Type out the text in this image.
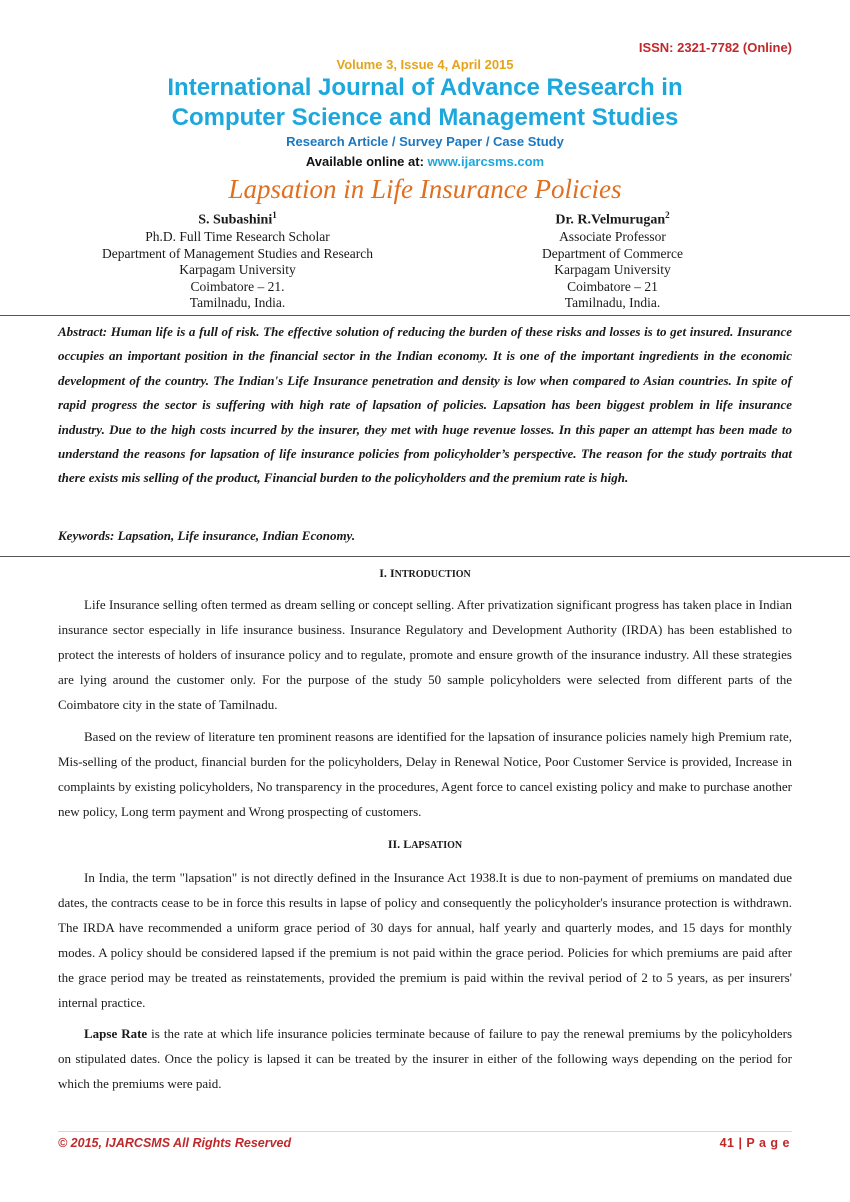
ISSN: 2321-7782 (Online)
Volume 3, Issue 4, April 2015
International Journal of Advance Research in
Computer Science and Management Studies
Research Article / Survey Paper / Case Study
Available online at: www.ijarcsms.com
Lapsation in Life Insurance Policies
S. Subashini$^1$
Ph.D. Full Time Research Scholar
Department of Management Studies and Research
Karpagam University
Coimbatore – 21.
Tamilnadu, India.
Dr. R.Velmurugan$^2$
Associate Professor
Department of Commerce
Karpagam University
Coimbatore – 21
Tamilnadu, India.
Abstract: Human life is a full of risk. The effective solution of reducing the burden of these risks and losses is to get insured. Insurance occupies an important position in the financial sector in the Indian economy. It is one of the important ingredients in the economic development of the country. The Indian's Life Insurance penetration and density is low when compared to Asian countries. In spite of rapid progress the sector is suffering with high rate of lapsation of policies. Lapsation has been biggest problem in life insurance industry. Due to the high costs incurred by the insurer, they met with huge revenue losses. In this paper an attempt has been made to understand the reasons for lapsation of life insurance policies from policyholder’s perspective. The reason for the study portraits that there exists mis selling of the product, Financial burden to the policyholders and the premium rate is high.
Keywords: Lapsation, Life insurance, Indian Economy.
I. INTRODUCTION

Life Insurance selling often termed as dream selling or concept selling. After privatization significant progress has taken place in Indian insurance sector especially in life insurance business. Insurance Regulatory and Development Authority (IRDA) has been established to protect the interests of holders of insurance policy and to regulate, promote and ensure growth of the insurance industry. All these strategies are lying around the customer only. For the purpose of the study 50 sample policyholders were selected from different parts of the Coimbatore city in the state of Tamilnadu.

Based on the review of literature ten prominent reasons are identified for the lapsation of insurance policies namely high Premium rate, Mis-selling of the product, financial burden for the policyholders, Delay in Renewal Notice, Poor Customer Service is provided, Increase in complaints by existing policyholders, No transparency in the procedures, Agent force to cancel existing policy and make to purchase another new policy, Long term payment and Wrong prospecting of customers.

II. LAPSATION

In India, the term "lapsation" is not directly defined in the Insurance Act 1938.It is due to non-payment of premiums on mandated due dates, the contracts cease to be in force this results in lapse of policy and consequently the policyholder's insurance protection is withdrawn. The IRDA have recommended a uniform grace period of 30 days for annual, half yearly and quarterly modes, and 15 days for monthly modes. A policy should be considered lapsed if the premium is not paid within the grace period. Policies for which premiums are paid after the grace period may be treated as reinstatements, provided the premium is paid within the revival period of 2 to 5 years, as per insurers' internal practice.

Lapse Rate is the rate at which life insurance policies terminate because of failure to pay the renewal premiums by the policyholders on stipulated dates. Once the policy is lapsed it can be treated by the insurer in either of the following ways depending on the period for which the premiums were paid.

© 2015, IJARCSMS All Rights Reserved	41 | P a g e
